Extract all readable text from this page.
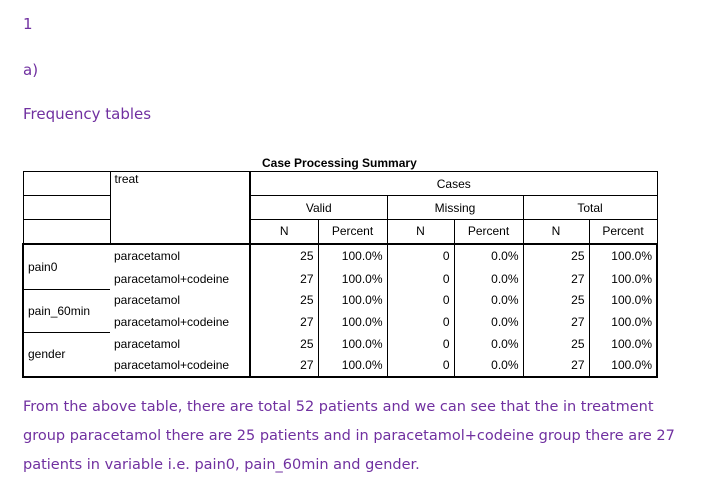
1
a)
Frequency tables
Case Processing Summary
	treat	Cases					
		Valid		Missing		Total	
		N	Percent	N	Percent	N	Percent
pain0	paracetamol	25	100.0%	0	0.0%	25	100.0%
	paracetamol+codeine	27	100.0%	0	0.0%	27	100.0%
pain_60min	paracetamol	25	100.0%	0	0.0%	25	100.0%
	paracetamol+codeine	27	100.0%	0	0.0%	27	100.0%
gender	paracetamol	25	100.0%	0	0.0%	25	100.0%
	paracetamol+codeine	27	100.0%	0	0.0%	27	100.0%
From the above table, there are total 52 patients and we can see that the in treatment group paracetamol there are 25 patients and in paracetamol+codeine group there are 27 patients in variable i.e. pain0, pain_60min and gender.
